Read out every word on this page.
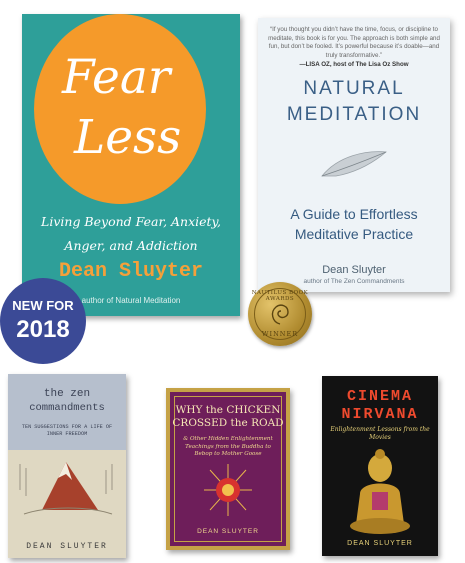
Fear
Less
Living Beyond Fear, Anxiety,
Anger, and Addiction
Dean Sluyter
author of Natural Meditation
NEW FOR
2018
“If you thought you didn’t have the time, focus, or discipline to meditate, this book is for you. The approach is both simple and fun, but don’t be fooled. It’s powerful because it’s doable—and truly transformative.”
—LISA OZ, host of The Lisa Oz Show
NATURAL
MEDITATION
A Guide to Effortless
Meditative Practice
Dean Sluyter
author of The Zen Commandments
NAUTILUS BOOK AWARDS
WINNER
the zen
commandments
TEN SUGGESTIONS FOR A LIFE OF INNER FREEDOM
DEAN SLUYTER
WHY the CHICKEN
CROSSED the ROAD
& Other Hidden Enlightenment Teachings from the Buddha to Bebop to Mother Goose
DEAN SLUYTER
CINEMA
NIRVANA
Enlightenment Lessons from the Movies
DEAN SLUYTER
